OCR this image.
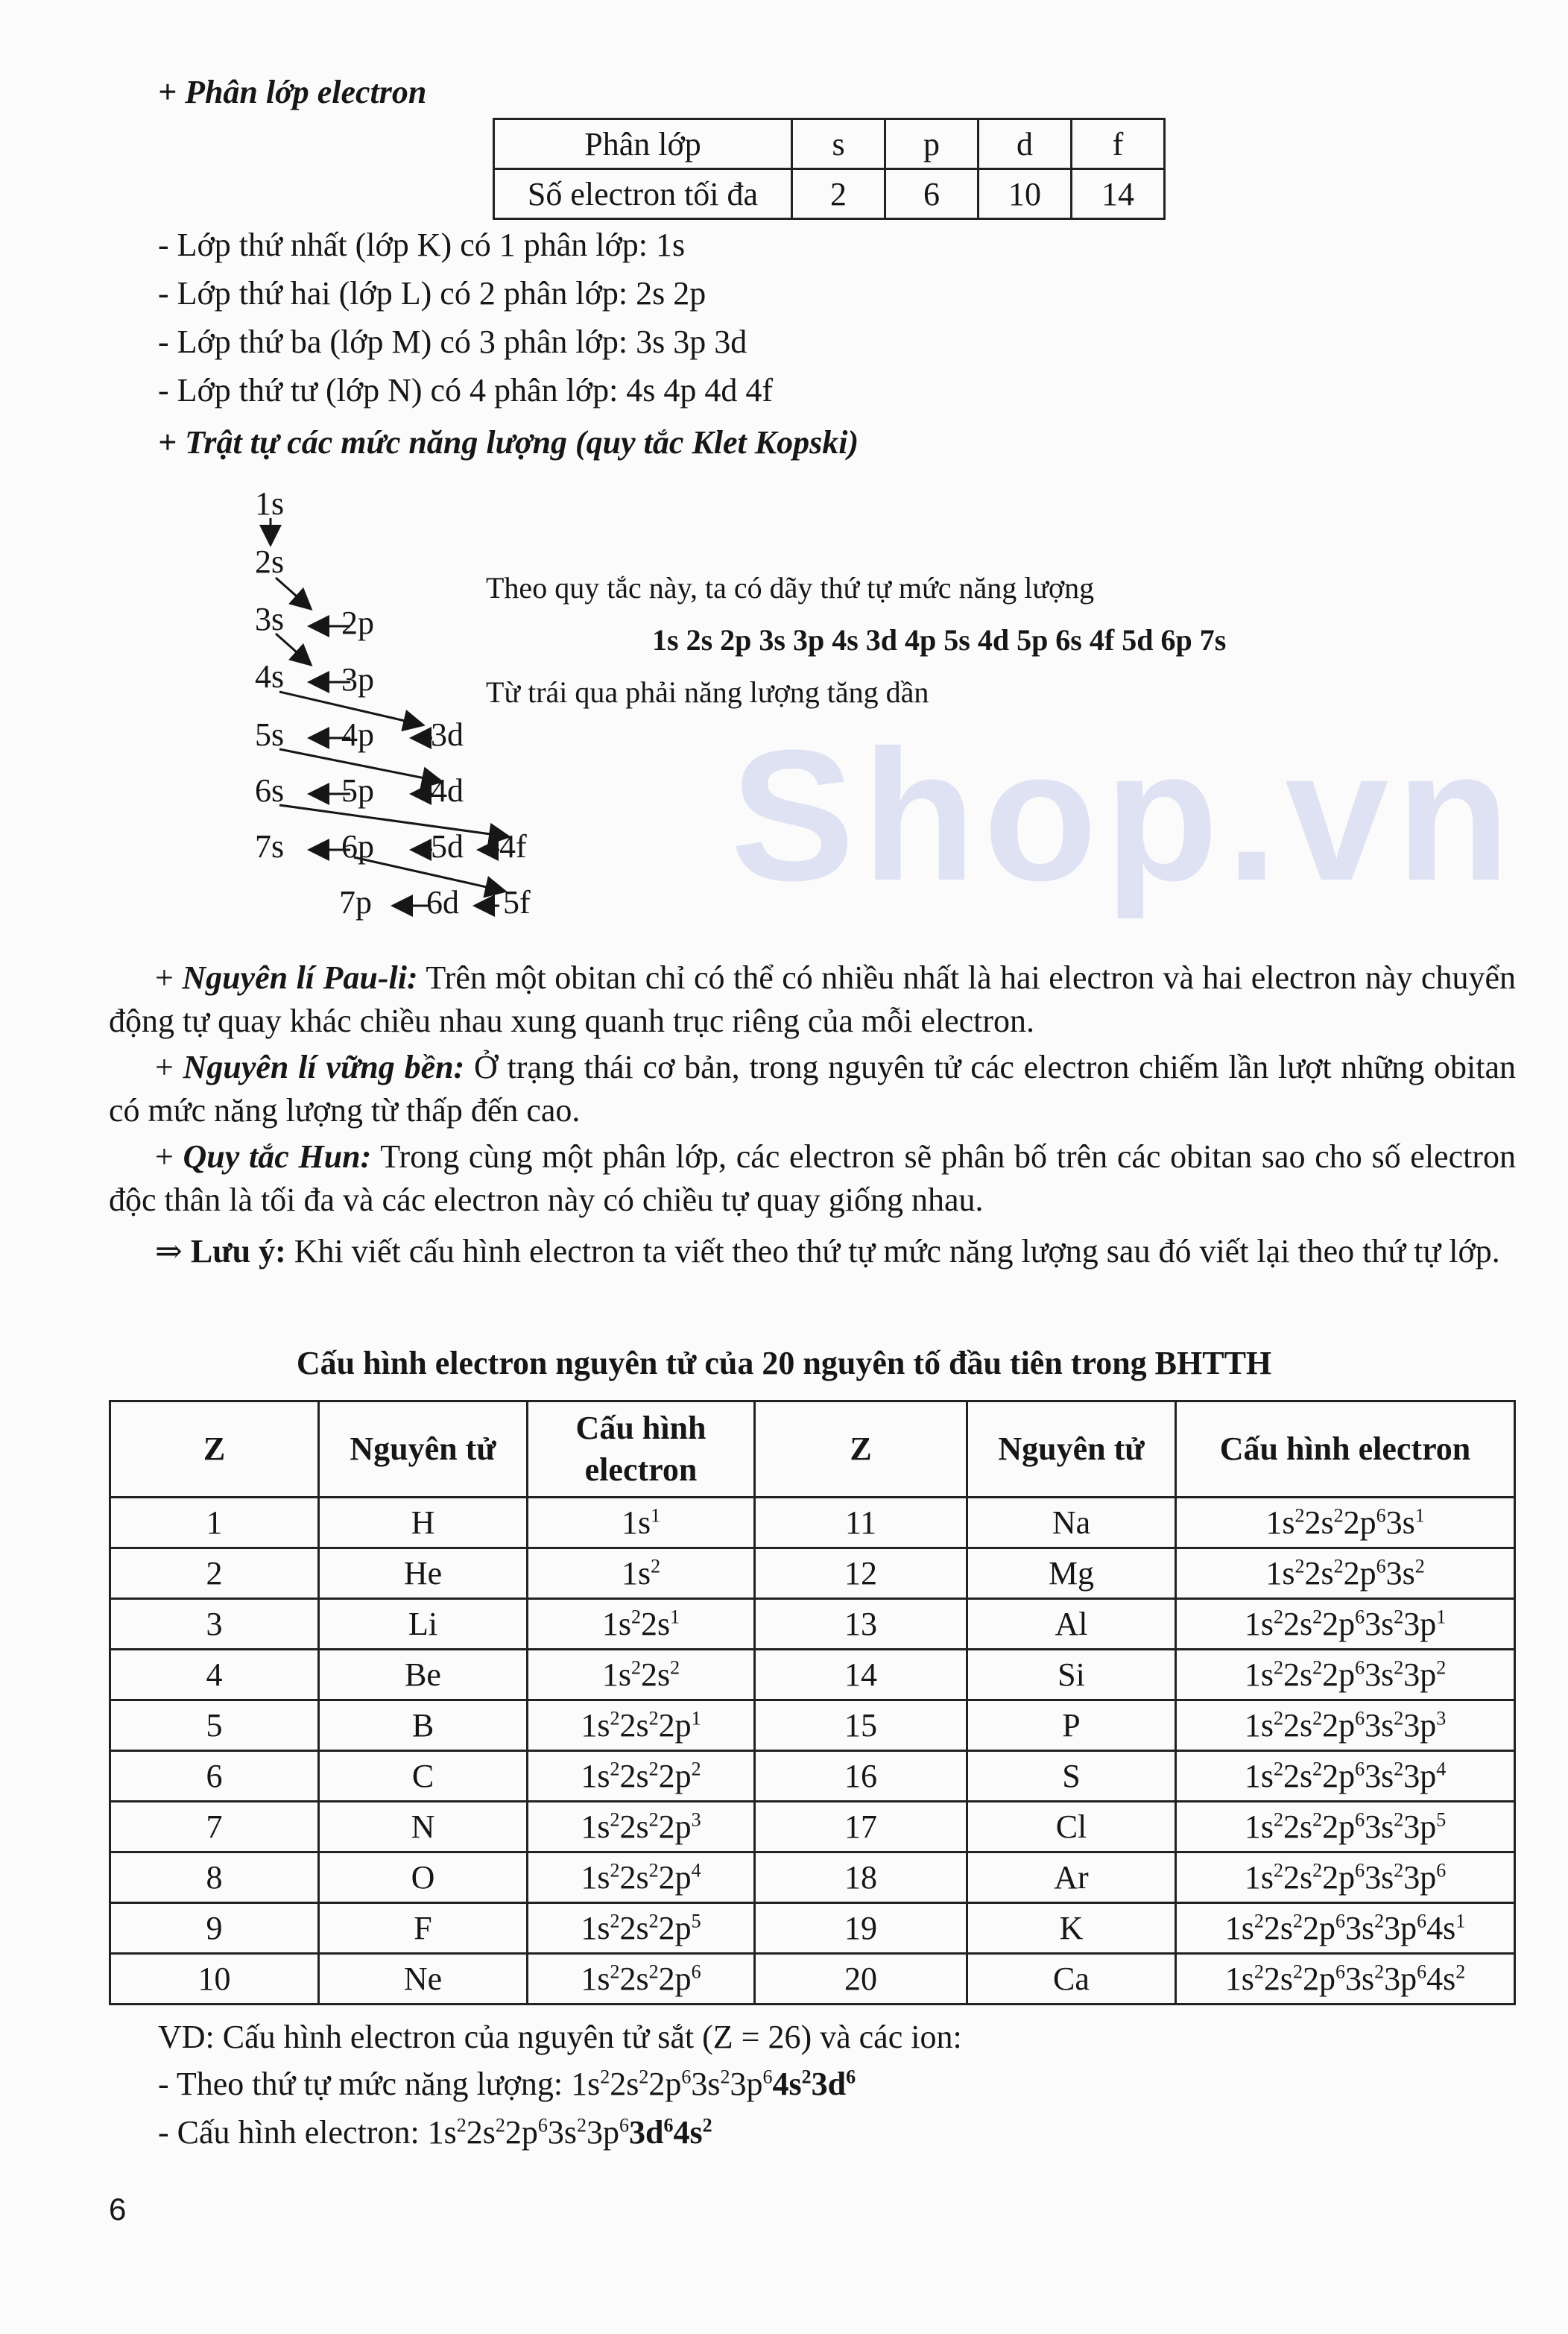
Shop.vn
+ Phân lớp electron
Phân lớp	s	p	d	f
Số electron tối đa	2	6	10	14
- Lớp thứ nhất (lớp K) có 1 phân lớp: 1s
- Lớp thứ hai (lớp L) có 2 phân lớp: 2s 2p
- Lớp thứ ba (lớp M) có 3 phân lớp: 3s 3p 3d
- Lớp thứ tư (lớp N) có 4 phân lớp: 4s 4p 4d 4f
+ Trật tự các mức năng lượng (quy tắc Klet Kopski)
1s
2s
3s 2p
4s 3p
5s 4p 3d
6s 5p 4d
7s 6p 5d 4f
7p 6d 5f
Theo quy tắc này, ta có dãy thứ tự mức năng lượng
1s 2s 2p 3s 3p 4s 3d 4p 5s 4d 5p 6s 4f 5d 6p 7s
Từ trái qua phải năng lượng tăng dần
+ Nguyên lí Pau-li: Trên một obitan chỉ có thể có nhiều nhất là hai electron và hai electron này chuyển động tự quay khác chiều nhau xung quanh trục riêng của mỗi electron.
+ Nguyên lí vững bền: Ở trạng thái cơ bản, trong nguyên tử các electron chiếm lần lượt những obitan có mức năng lượng từ thấp đến cao.
+ Quy tắc Hun: Trong cùng một phân lớp, các electron sẽ phân bố trên các obitan sao cho số electron độc thân là tối đa và các electron này có chiều tự quay giống nhau.
⇒ Lưu ý: Khi viết cấu hình electron ta viết theo thứ tự mức năng lượng sau đó viết lại theo thứ tự lớp.
Cấu hình electron nguyên tử của 20 nguyên tố đầu tiên trong BHTTH
Z	Nguyên tử	Cấu hình electron	Z	Nguyên tử	Cấu hình electron
1	H	$1s^1$	11	Na	$1s^22s^22p^63s^1$
2	He	$1s^2$	12	Mg	$1s^22s^22p^63s^2$
3	Li	$1s^22s^1$	13	Al	$1s^22s^22p^63s^23p^1$
4	Be	$1s^22s^2$	14	Si	$1s^22s^22p^63s^23p^2$
5	B	$1s^22s^22p^1$	15	P	$1s^22s^22p^63s^23p^3$
6	C	$1s^22s^22p^2$	16	S	$1s^22s^22p^63s^23p^4$
7	N	$1s^22s^22p^3$	17	Cl	$1s^22s^22p^63s^23p^5$
8	O	$1s^22s^22p^4$	18	Ar	$1s^22s^22p^63s^23p^6$
9	F	$1s^22s^22p^5$	19	K	$1s^22s^22p^63s^23p^64s^1$
10	Ne	$1s^22s^22p^6$	20	Ca	$1s^22s^22p^63s^23p^64s^2$
VD: Cấu hình electron của nguyên tử sắt (Z = 26) và các ion:
- Theo thứ tự mức năng lượng: $1s^22s^22p^63s^23p^64s^23d^6$
- Cấu hình electron: $1s^22s^22p^63s^23p^63d^64s^2$
6
